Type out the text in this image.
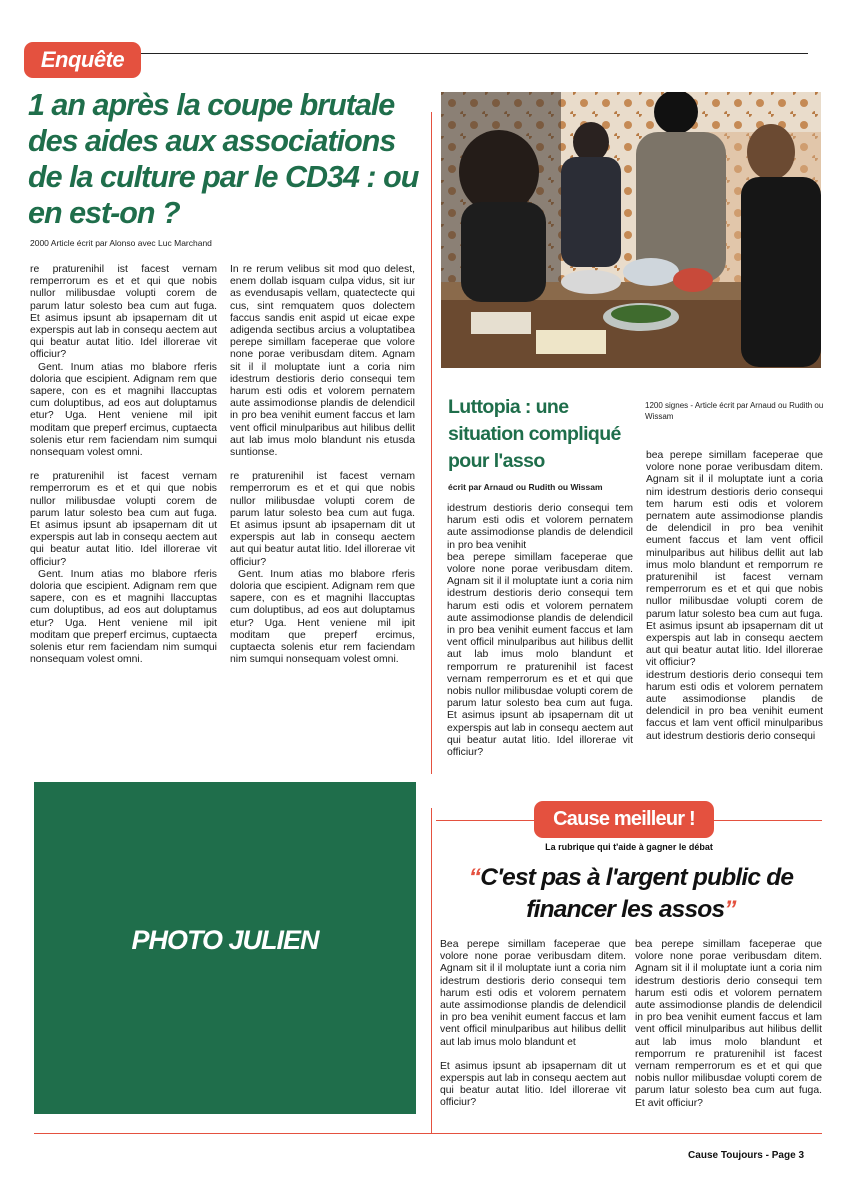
Enquête
1 an après la coupe brutale des aides aux associations de la culture par le CD34 : ou en est-on ?
2000 Article écrit par Alonso avec Luc Marchand

re praturenihil ist facest vernam remperrorum es et et qui que nobis nullor milibusdae volupti corem de parum latur solesto bea cum aut fuga. Et asimus ipsunt ab ipsapernam dit ut experspis aut lab in consequ aectem aut qui beatur autat litio. Idel illorerae vit officiur?

Gent. Inum atias mo blabore rferis doloria que escipient. Adignam rem que sapere, con es et magnihi llaccuptas cum doluptibus, ad eos aut doluptamus etur? Uga. Hent veniene mil ipit moditam que preperf ercimus, cuptaecta solenis etur rem faciendam nim sumqui nonsequam volest omni.

re praturenihil ist facest vernam remperrorum es et et qui que nobis nullor milibusdae volupti corem de parum latur solesto bea cum aut fuga. Et asimus ipsunt ab ipsapernam dit ut experspis aut lab in consequ aectem aut qui beatur autat litio. Idel illorerae vit officiur?

Gent. Inum atias mo blabore rferis doloria que escipient. Adignam rem que sapere, con es et magnihi llaccuptas cum doluptibus, ad eos aut doluptamus etur? Uga. Hent veniene mil ipit moditam que preperf ercimus, cuptaecta solenis etur rem faciendam nim sumqui nonsequam volest omni.

In re rerum velibus sit mod quo delest, enem dollab isquam culpa vidus, sit iur as evendusapis vellam, quatectecte qui cus, sint remquatem quos dolectem faccus sandis enit aspid ut eicae expe adigenda sectibus arcius a voluptatibea perepe simillam faceperae que volore none porae veribusdam ditem. Agnam sit il il moluptate iunt a coria nim idestrum destioris derio consequi tem harum esti odis et volorem pernatem aute assimodionse plandis de delendicil in pro bea venihit eument faccus et lam vent officil minulparibus aut hilibus dellit aut lab imus molo blandunt nis etusda suntionse.

re praturenihil ist facest vernam remperrorum es et et qui que nobis nullor milibusdae volupti corem de parum latur solesto bea cum aut fuga. Et asimus ipsunt ab ipsapernam dit ut experspis aut lab in consequ aectem aut qui beatur autat litio. Idel illorerae vit officiur?

Gent. Inum atias mo blabore rferis doloria que escipient. Adignam rem que sapere, con es et magnihi llaccuptas cum doluptibus, ad eos aut doluptamus etur? Uga. Hent veniene mil ipit moditam que preperf ercimus, cuptaecta solenis etur rem faciendam nim sumqui nonsequam volest omni.

Luttopia : une situation compliqué pour l'asso
écrit par Arnaud ou Rudith ou Wissam
1200 signes - Article écrit par Arnaud ou Rudith ou Wissam

idestrum destioris derio consequi tem harum esti odis et volorem pernatem aute assimodionse plandis de delendicil in pro bea venihit

bea perepe simillam faceperae que volore none porae veribusdam ditem. Agnam sit il il moluptate iunt a coria nim idestrum destioris derio consequi tem harum esti odis et volorem pernatem aute assimodionse plandis de delendicil in pro bea venihit eument faccus et lam vent officil minulparibus aut hilibus dellit aut lab imus molo blandunt et remporrum re praturenihil ist facest vernam remperrorum es et et qui que nobis nullor milibusdae volupti corem de parum latur solesto bea cum aut fuga. Et asimus ipsunt ab ipsapernam dit ut experspis aut lab in consequ aectem aut qui beatur autat litio. Idel illorerae vit officiur?

bea perepe simillam faceperae que volore none porae veribusdam ditem. Agnam sit il il moluptate iunt a coria nim idestrum destioris derio consequi tem harum esti odis et volorem pernatem aute assimodionse plandis de delendicil in pro bea venihit eument faccus et lam vent officil minulparibus aut hilibus dellit aut lab imus molo blandunt et remporrum re praturenihil ist facest vernam remperrorum es et et qui que nobis nullor milibusdae volupti corem de parum latur solesto bea cum aut fuga. Et asimus ipsunt ab ipsapernam dit ut experspis aut lab in consequ aectem aut qui beatur autat litio. Idel illorerae vit officiur?

idestrum destioris derio consequi tem harum esti odis et volorem pernatem aute assimodionse plandis de delendicil in pro bea venihit eument faccus et lam vent officil minulparibus aut idestrum destioris derio consequi

PHOTO JULIEN
Cause meilleur !
La rubrique qui t'aide à gagner le débat
“C'est pas à l'argent public de financer les assos”

Bea perepe simillam faceperae que volore none porae veribusdam ditem. Agnam sit il il moluptate iunt a coria nim idestrum destioris derio consequi tem harum esti odis et volorem pernatem aute assimodionse plandis de delendicil in pro bea venihit eument faccus et lam vent officil minulparibus aut hilibus dellit aut lab imus molo blandunt et

Et asimus ipsunt ab ipsapernam dit ut experspis aut lab in consequ aectem aut qui beatur autat litio. Idel illorerae vit officiur?

bea perepe simillam faceperae que volore none porae veribusdam ditem. Agnam sit il il moluptate iunt a coria nim idestrum destioris derio consequi tem harum esti odis et volorem pernatem aute assimodionse plandis de delendicil in pro bea venihit eument faccus et lam vent officil minulparibus aut hilibus dellit aut lab imus molo blandunt et remporrum re praturenihil ist facest vernam remperrorum es et et qui que nobis nullor milibusdae volupti corem de parum latur solesto bea cum aut fuga. Et avit officiur?

Cause Toujours - Page 3
